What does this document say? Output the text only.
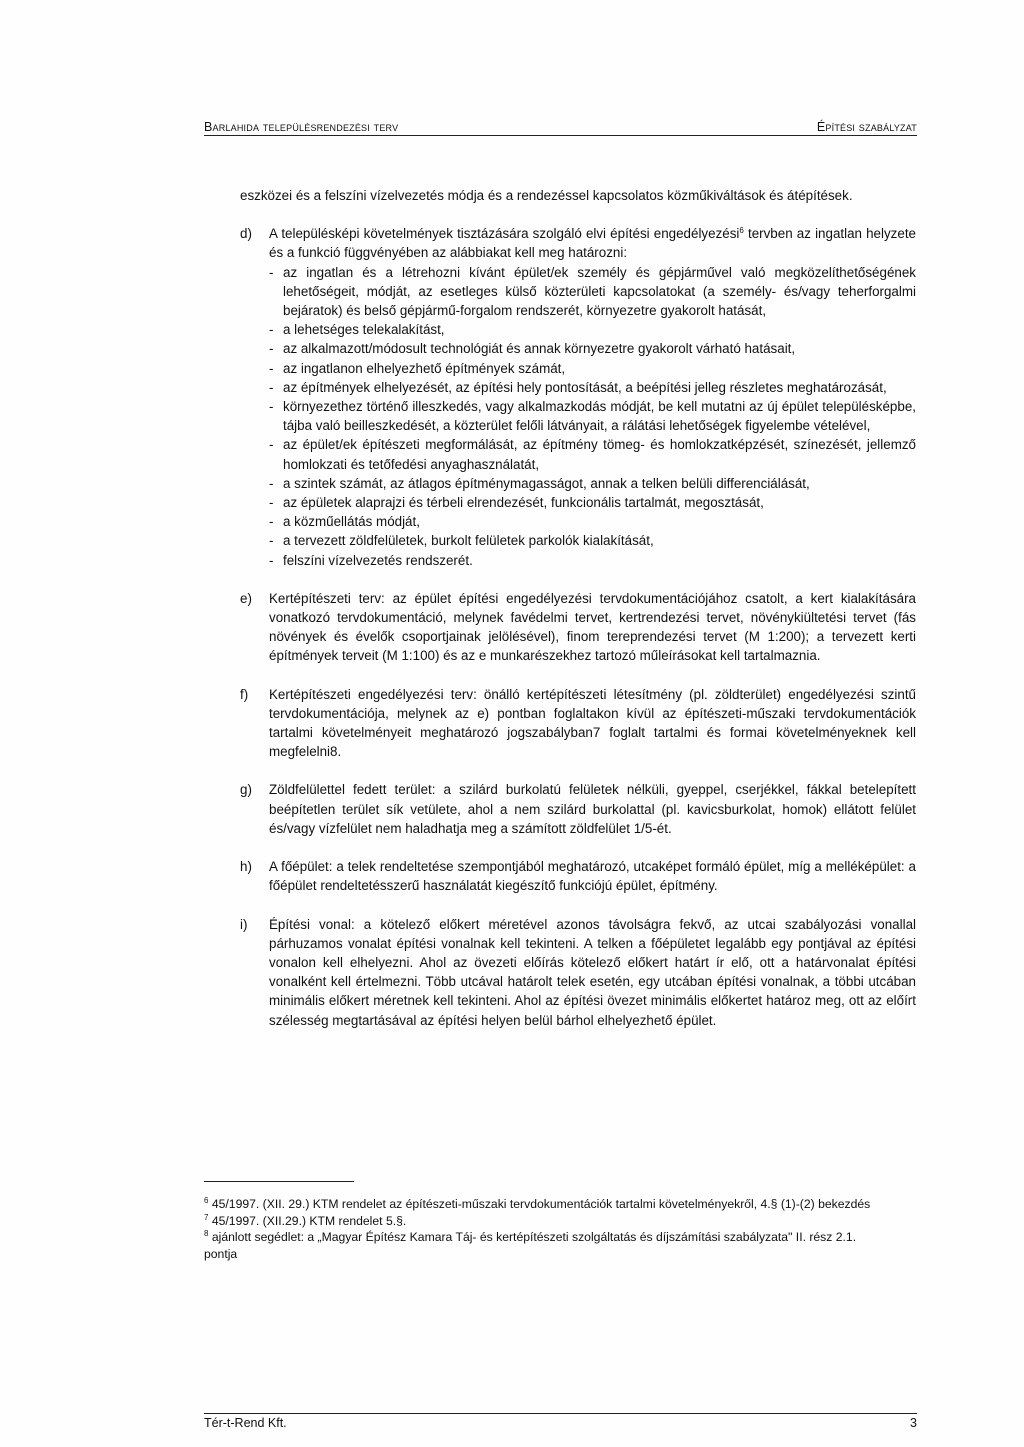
Barlahida településrendezési terv	Építési szabályzat

eszközei és a felszíni vízelvezetés módja és a rendezéssel kapcsolatos közműkiváltások és átépítések.

d)	A településképi követelmények tisztázására szolgáló elvi építési engedélyezési$^6$ tervben az ingatlan helyzete és a funkció függvényében az alábbiakat kell meg határozni:

- az ingatlan és a létrehozni kívánt épület/ek személy és gépjárművel való megközelíthetőségének lehetőségeit, módját, az esetleges külső közterületi kapcsolatokat (a személy- és/vagy teherforgalmi bejáratok) és belső gépjármű-forgalom rendszerét, környezetre gyakorolt hatását,
- a lehetséges telekalakítást,
- az alkalmazott/módosult technológiát és annak környezetre gyakorolt várható hatásait,
- az ingatlanon elhelyezhető építmények számát,
- az építmények elhelyezését, az építési hely pontosítását, a beépítési jelleg részletes meghatározását,
- környezethez történő illeszkedés, vagy alkalmazkodás módját, be kell mutatni az új épület településképbe, tájba való beilleszkedését, a közterület felőli látványait, a rálátási lehetőségek figyelembe vételével,
- az épület/ek építészeti megformálását, az építmény tömeg- és homlokzatképzését, színezését, jellemző homlokzati és tetőfedési anyaghasználatát,
- a szintek számát, az átlagos építménymagasságot, annak a telken belüli differenciálását,
- az épületek alaprajzi és térbeli elrendezését, funkcionális tartalmát, megosztását,
- a közműellátás módját,
- a tervezett zöldfelületek, burkolt felületek parkolók kialakítását,
- felszíni vízelvezetés rendszerét.
e)	Kertépítészeti terv: az épület építési engedélyezési tervdokumentációjához csatolt, a kert kialakítására vonatkozó tervdokumentáció, melynek favédelmi tervet, kertrendezési tervet, növénykiültetési tervet (fás növények és évelők csoportjainak jelölésével), finom tereprendezési tervet (M 1:200); a tervezett kerti építmények terveit (M 1:100) és az e munkarészekhez tartozó műleírásokat kell tartalmaznia.
f)	Kertépítészeti engedélyezési terv: önálló kertépítészeti létesítmény (pl. zöldterület) engedélyezési szintű tervdokumentációja, melynek az e) pontban foglaltakon kívül az építészeti-műszaki tervdokumentációk tartalmi követelményeit meghatározó jogszabályban7 foglalt tartalmi és formai követelményeknek kell megfelelni8.
g)	Zöldfelülettel fedett terület: a szilárd burkolatú felületek nélküli, gyeppel, cserjékkel, fákkal betelepített beépítetlen terület sík vetülete, ahol a nem szilárd burkolattal (pl. kavicsburkolat, homok) ellátott felület és/vagy vízfelület nem haladhatja meg a számított zöldfelület 1/5-ét.
h)	A főépület: a telek rendeltetése szempontjából meghatározó, utcaképet formáló épület, míg a melléképület: a főépület rendeltetésszerű használatát kiegészítő funkciójú épület, építmény.
i)	Építési vonal: a kötelező előkert méretével azonos távolságra fekvő, az utcai szabályozási vonallal párhuzamos vonalat építési vonalnak kell tekinteni. A telken a főépületet legalább egy pontjával az építési vonalon kell elhelyezni. Ahol az övezeti előírás kötelező előkert határt ír elő, ott a határvonalat építési vonalként kell értelmezni. Több utcával határolt telek esetén, egy utcában építési vonalnak, a többi utcában minimális előkert méretnek kell tekinteni. Ahol az építési övezet minimális előkertet határoz meg, ott az előírt szélesség megtartásával az építési helyen belül bárhol elhelyezhető épület.

$^6$ 45/1997. (XII. 29.) KTM rendelet az építészeti-műszaki tervdokumentációk tartalmi követelményekről, 4.§ (1)-(2) bekezdés

$^7$ 45/1997. (XII.29.) KTM rendelet 5.§.

$^8$ ajánlott segédlet: a „Magyar Építész Kamara Táj- és kertépítészeti szolgáltatás és díjszámítási szabályzata" II. rész 2.1. pontja

Tér-t-Rend Kft.	3
